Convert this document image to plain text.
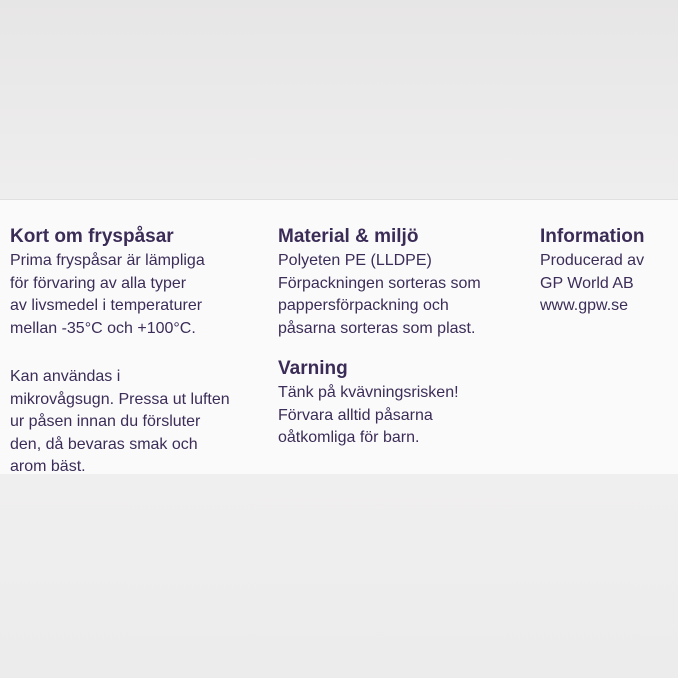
Kort om fryspåsar
Prima fryspåsar är lämpliga
för förvaring av alla typer
av livsmedel i temperaturer
mellan -35°C och +100°C.
Kan användas i
mikrovågsugn. Pressa ut luften
ur påsen innan du försluter
den, då bevaras smak och
arom bäst.
Material & miljö
Polyeten PE (LLDPE)
Förpackningen sorteras som
pappersförpackning och
påsarna sorteras som plast.
Varning
Tänk på kvävningsrisken!
Förvara alltid påsarna
oåtkomliga för barn.
Information
Producerad av
GP World AB
www.gpw.se
